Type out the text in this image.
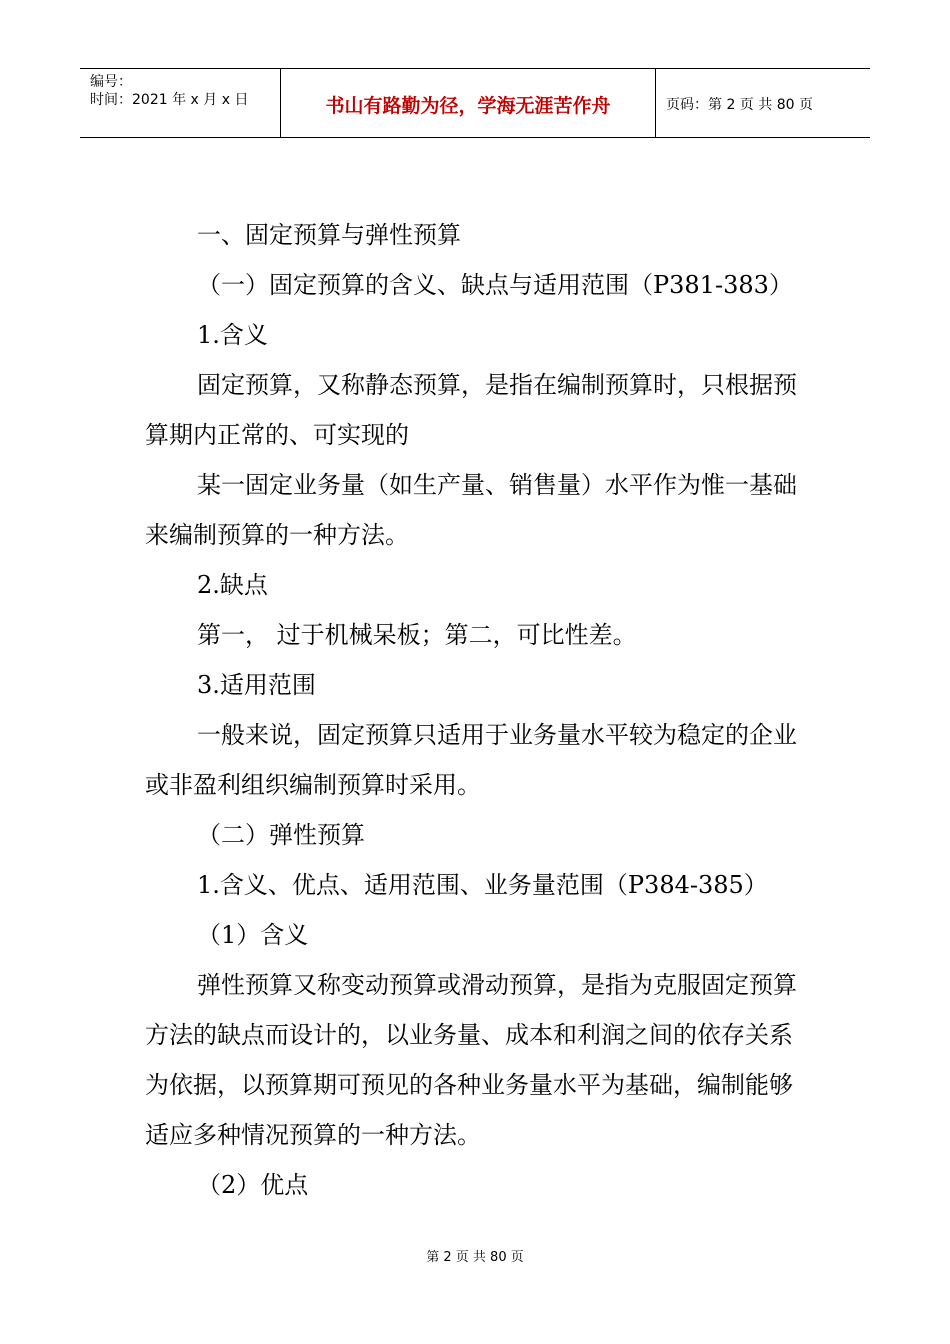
编号：
时间：2021 年 x 月 x 日	书山有路勤为径，学海无涯苦作舟	页码：第 2 页 共 80 页

一、固定预算与弹性预算

（一）固定预算的含义、缺点与适用范围（P381-383）

1.含义

固定预算，又称静态预算，是指在编制预算时，只根据预算期内正常的、可实现的

某一固定业务量（如生产量、销售量）水平作为惟一基础来编制预算的一种方法。

2.缺点

第一， 过于机械呆板；第二，可比性差。

3.适用范围

一般来说，固定预算只适用于业务量水平较为稳定的企业或非盈利组织编制预算时采用。

（二）弹性预算

1.含义、优点、适用范围、业务量范围（P384-385）

（1）含义

弹性预算又称变动预算或滑动预算，是指为克服固定预算方法的缺点而设计的，以业务量、成本和利润之间的依存关系为依据，以预算期可预见的各种业务量水平为基础，编制能够适应多种情况预算的一种方法。

（2）优点

第 2 页 共 80 页
